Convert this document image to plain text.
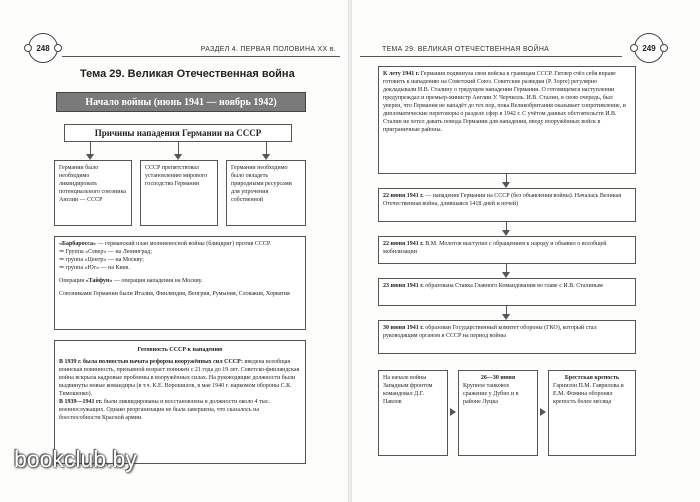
248	РАЗДЕЛ 4. ПЕРВАЯ ПОЛОВИНА XX в.
Тема 29. Великая Отечественная война
Начало войны (июнь 1941 — ноябрь 1942)
Причины нападения Германии на СССР
Германии было необходимо ликвидировать потенциального союзника Англии — СССР
СССР препятствовал установлению мирового господства Германии
Германии необходимо было овладеть природными ресурсами для упрочения собственной
«Барбаросса» — германский план молниеносной войны (блицкриг) против СССР.
⇒ Группа «Север» — на Ленинград;
⇒ группа «Центр» — на Москву;
⇒ группа «Юг» — на Киев.
Операция «Тайфун» — операция нападения на Москву.
Союзниками Германии были Италия, Финляндия, Венгрия, Румыния, Словакия, Хорватия
Готовность СССР к нападению
В 1939 г. была полностью начата реформа вооружённых сил СССР: введена всеобщая воинская повинность, призывной возраст понижен с 21 года до 19 лет. Советско-финляндская война вскрыла кадровые проблемы в вооружённых силах. На руководящие должности были выдвинуты новые командиры (в т.ч. К.Е. Ворошилов, в мае 1940 г. наркомом обороны С.К. Тимошенко).
В 1939—1941 гг. были ликвидированы и восстановлены в должности около 4 тыс. военнослужащих. Однако реорганизация не была завершена, что сказалось на боеспособности Красной армии.
ТЕМА 29. ВЕЛИКАЯ ОТЕЧЕСТВЕННАЯ ВОЙНА	249
К лету 1941 г. Германия подвинула свои войска к границам СССР. Гитлер счёл себя вправе готовить к нападению на Советский Союз. Советские разведки (Р. Зорге) регулярно докладывали И.В. Сталину о грядущем нападении Германии. О готовящемся наступлении предупреждал и премьер-министр Англии У. Черчилль. И.В. Сталин, в свою очередь, был уверен, что Германия не нападёт до тех пор, пока Великобритания оказывает сопротивление, и дипломатические переговоры о разделе сфер в 1942 г. С учётом данных обстоятельств И.В. Сталин не хотел давать повода Германии для нападения, вводу вооружённых войск в приграничные районы.
22 июня 1941 г. — нападение Германии на СССР (без объявления войны). Началась Великая Отечественная война, длившаяся 1418 дней и ночей)
22 июня 1941 г. В.М. Молотов выступил с обращением к народу и объявил о всеобщей мобилизации
23 июня 1941 г. образована Ставка Главного Командования во главе с И.В. Сталиным
30 июня 1941 г. образован Государственный комитет обороны (ГКО), который стал руководящим органом в СССР на период войны
На начале войны Западным фронтом командовал Д.Г. Павлов
26—30 июня
Крупное танковое сражение у Дубно и в районе Луцка
Брестская крепость
Гарнизон П.М. Гаврилова и Е.М. Фомина оборонял крепость более месяца
bookclub.by
